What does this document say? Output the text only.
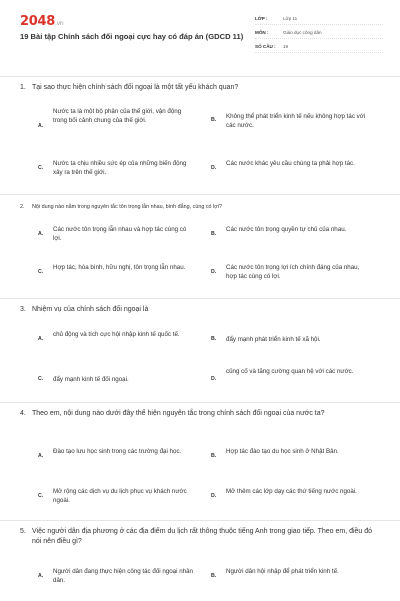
2048.vn
19 Bài tập Chính sách đối ngoại cực hay có đáp án (GDCD 11)
LỚP :	Lớp 11
MÔN :	Giáo dục công dân
SỐ CÂU :	19
1. Tại sao thực hiện chính sách đối ngoại là một tất yếu khách quan?
A.
Nước ta là một bộ phận của thế giới, vận động trong bối cảnh chung của thế giới.	B. Không thể phát triển kinh tế nếu không hợp tác với các nước.
C.
Nước ta chịu nhiều sức ép của những biến động xảy ra trên thế giới.
D.
Các nước khác yêu cầu chúng ta phải hợp tác.
2. Nội dung nào nằm trong nguyên tắc tôn trọng lẫn nhau, bình đẳng, cùng có lợi?
A.
Các nước tôn trọng lẫn nhau và hợp tác cùng có lợi.
B.
Các nước tôn trọng quyền tự chủ của nhau.
C.
Hợp tác, hòa bình, hữu nghị, tôn trọng lẫn nhau.
D.
Các nước tôn trọng lợi ích chính đáng của nhau, hợp tác cùng có lợi.
3. Nhiệm vụ của chính sách đối ngoại là
A.
chủ động và tích cực hội nhập kinh tế quốc tế.
B. đẩy mạnh phát triển kinh tế xã hội.
C. đẩy mạnh kinh tế đối ngoại.	D.
củng cố và tăng cường quan hệ với các nước.
4. Theo em, nội dung nào dưới đây thể hiện nguyên tắc trong chính sách đối ngoại của nước ta?
A.
Đào tạo lưu học sinh trong các trường đại học.
B.
Hợp tác đào tạo du học sinh ở Nhật Bản.
C.
Mở rộng các dịch vụ du lịch phục vụ khách nước ngoài.
D.
Mở thêm các lớp dạy các thứ tiếng nước ngoài.
5. Việc người dân địa phương ở các địa điểm du lịch rất thông thuộc tiếng Anh trong giao tiếp. Theo em, điều đó nói nên điều gì?
A.
Người dân đang thực hiện công tác đối ngoại nhân dân.
B.
Người dân hội nhập để phát triển kinh tế.
